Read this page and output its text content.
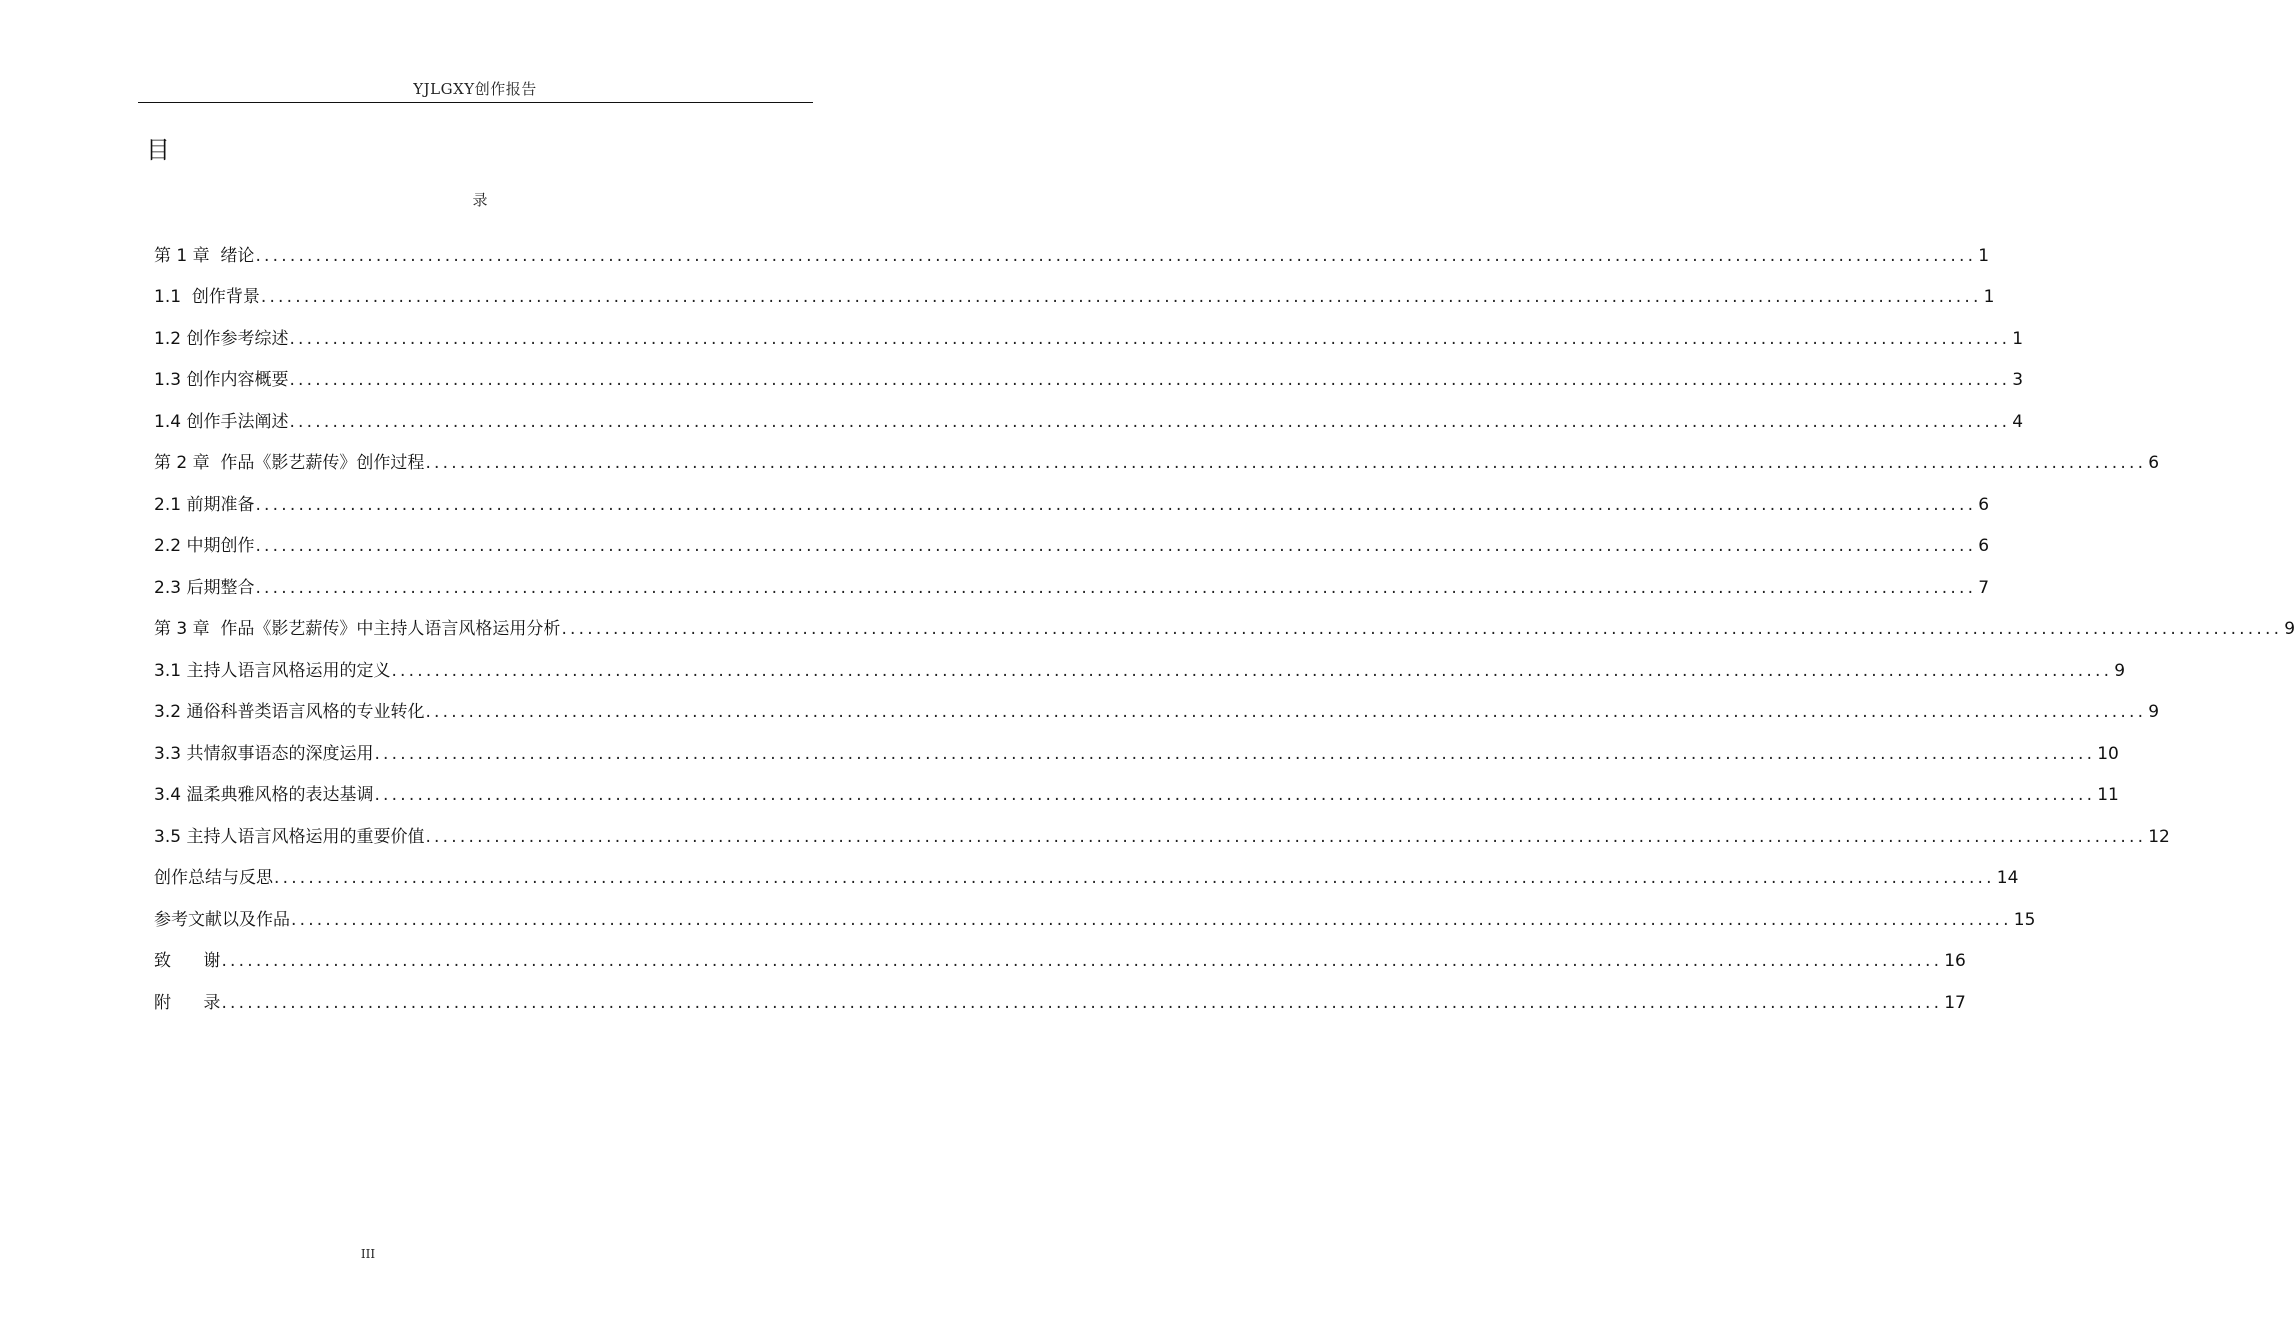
YJLGXY创作报告
目
录
第 1 章  绪论 ........................................................................................................................................................................................................ 1
1.1  创作背景 ........................................................................................................................................................................................................ 1
1.2 创作参考综述 ........................................................................................................................................................................................................ 1
1.3 创作内容概要 ........................................................................................................................................................................................................ 3
1.4 创作手法阐述 ........................................................................................................................................................................................................ 4
第 2 章  作品《影艺薪传》创作过程 ........................................................................................................................................................................................................ 6
2.1 前期准备 ........................................................................................................................................................................................................ 6
2.2 中期创作 ........................................................................................................................................................................................................ 6
2.3 后期整合 ........................................................................................................................................................................................................ 7
第 3 章  作品《影艺薪传》中主持人语言风格运用分析 ........................................................................................................................................................................................................ 9
3.1 主持人语言风格运用的定义 ........................................................................................................................................................................................................ 9
3.2 通俗科普类语言风格的专业转化 ........................................................................................................................................................................................................ 9
3.3 共情叙事语态的深度运用 ........................................................................................................................................................................................................ 10
3.4 温柔典雅风格的表达基调 ........................................................................................................................................................................................................ 11
3.5 主持人语言风格运用的重要价值 ........................................................................................................................................................................................................ 12
创作总结与反思 ........................................................................................................................................................................................................ 14
参考文献以及作品 ........................................................................................................................................................................................................ 15
致      谢 ........................................................................................................................................................................................................ 16
附      录 ........................................................................................................................................................................................................ 17
III
